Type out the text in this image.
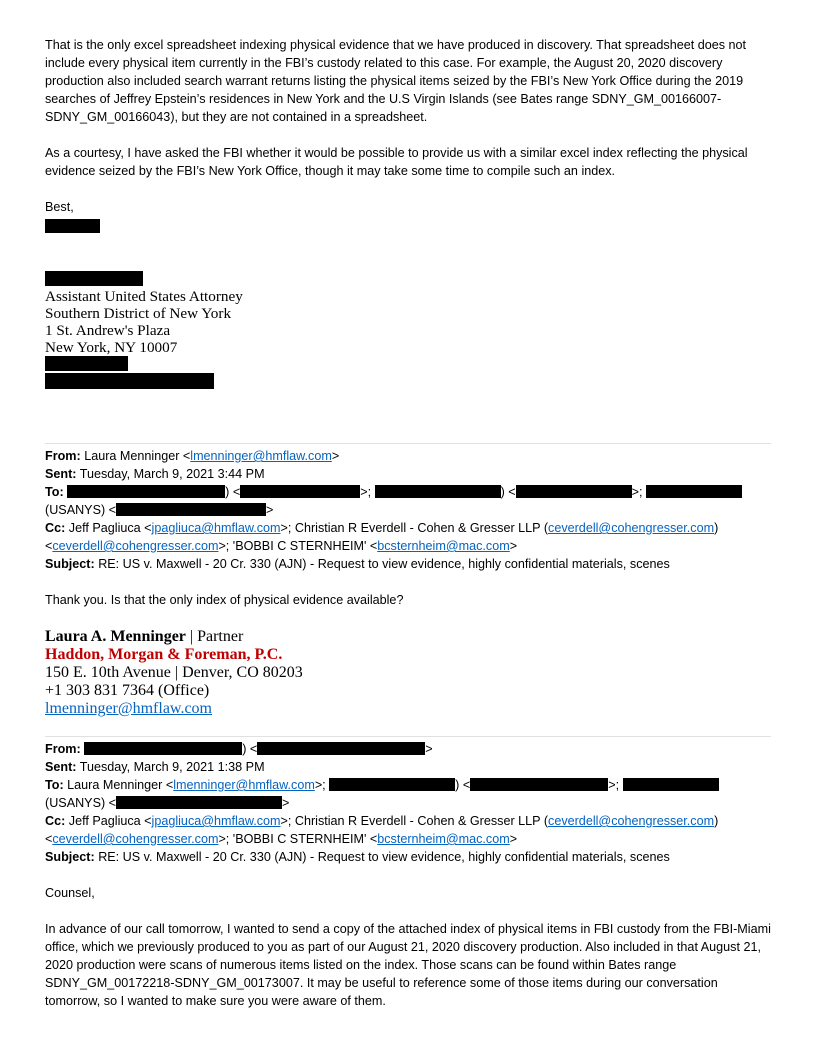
That is the only excel spreadsheet indexing physical evidence that we have produced in discovery. That spreadsheet does not include every physical item currently in the FBI’s custody related to this case. For example, the August 20, 2020 discovery production also included search warrant returns listing the physical items seized by the FBI’s New York Office during the 2019 searches of Jeffrey Epstein’s residences in New York and the U.S Virgin Islands (see Bates range SDNY_GM_00166007-SDNY_GM_00166043), but they are not contained in a spreadsheet.
As a courtesy, I have asked the FBI whether it would be possible to provide us with a similar excel index reflecting the physical evidence seized by the FBI’s New York Office, though it may take some time to compile such an index.
Best,
Assistant United States Attorney
Southern District of New York
1 St. Andrew's Plaza
New York, NY 10007
From: Laura Menninger <lmenninger@hmflaw.com>
Sent: Tuesday, March 9, 2021 3:44 PM
To:	) <	>;	) <	>;
(USANYS) <	>
Cc: Jeff Pagliuca <jpagliuca@hmflaw.com>; Christian R Everdell - Cohen & Gresser LLP (ceverdell@cohengresser.com)
<ceverdell@cohengresser.com>; 'BOBBI C STERNHEIM' <bcsternheim@mac.com>
Subject: RE: US v. Maxwell - 20 Cr. 330 (AJN) - Request to view evidence, highly confidential materials, scenes
Thank you. Is that the only index of physical evidence available?
Laura A. Menninger | Partner
Haddon, Morgan & Foreman, P.C.
150 E. 10th Avenue | Denver, CO 80203
+1 303 831 7364 (Office)
lmenninger@hmflaw.com
From:	) <	>
Sent: Tuesday, March 9, 2021 1:38 PM
To: Laura Menninger <lmenninger@hmflaw.com>;	) <	>;
(USANYS) <	>
Cc: Jeff Pagliuca <jpagliuca@hmflaw.com>; Christian R Everdell - Cohen & Gresser LLP (ceverdell@cohengresser.com)
<ceverdell@cohengresser.com>; 'BOBBI C STERNHEIM' <bcsternheim@mac.com>
Subject: RE: US v. Maxwell - 20 Cr. 330 (AJN) - Request to view evidence, highly confidential materials, scenes
Counsel,
In advance of our call tomorrow, I wanted to send a copy of the attached index of physical items in FBI custody from the FBI-Miami office, which we previously produced to you as part of our August 21, 2020 discovery production. Also included in that August 21, 2020 production were scans of numerous items listed on the index. Those scans can be found within Bates range SDNY_GM_00172218-SDNY_GM_00173007. It may be useful to reference some of those items during our conversation tomorrow, so I wanted to make sure you were aware of them.
